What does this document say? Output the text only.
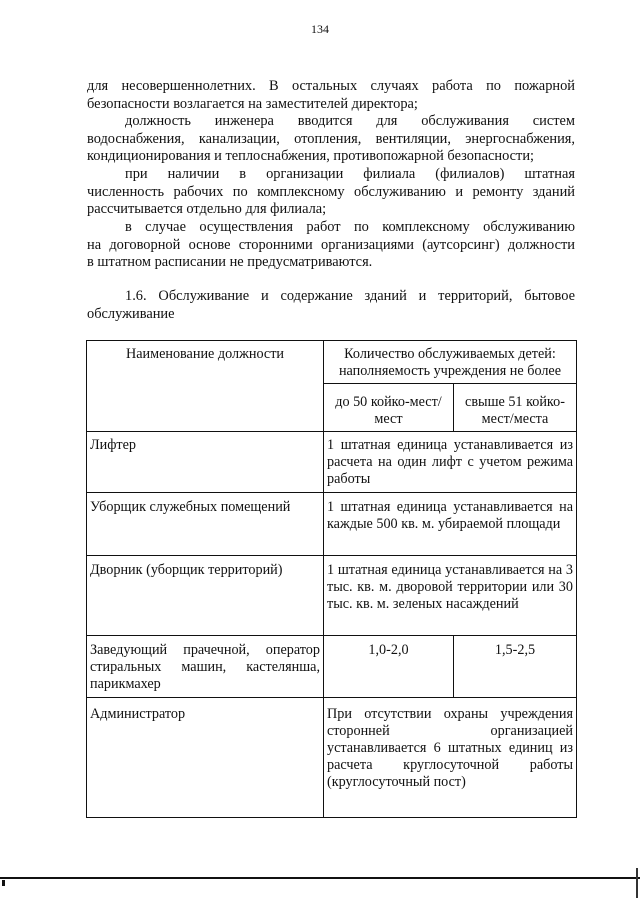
134
для несовершеннолетних. В остальных случаях работа по пожарной
безопасности возлагается на заместителей директора;
должность инженера вводится для обслуживания систем
водоснабжения, канализации, отопления, вентиляции, энергоснабжения,
кондиционирования и теплоснабжения, противопожарной безопасности;
при наличии в организации филиала (филиалов) штатная
численность рабочих по комплексному обслуживанию и ремонту зданий
рассчитывается отдельно для филиала;
в случае осуществления работ по комплексному обслуживанию
на договорной основе сторонними организациями (аутсорсинг) должности
в штатном расписании не предусматриваются.
1.6. Обслуживание и содержание зданий и территорий, бытовое
обслуживание
Наименование должности	Количество обслуживаемых детей: наполняемость учреждения не более	
	до 50 койко-мест/мест	свыше 51 койко-мест/места
Лифтер	1 штатная единица устанавливается из расчета на один лифт с учетом режима работы	
Уборщик служебных помещений	1 штатная единица устанавливается на каждые 500 кв. м. убираемой площади	
Дворник (уборщик территорий)	1 штатная единица устанавливается на 3 тыс. кв. м. дворовой территории или 30 тыс. кв. м. зеленых насаждений	
Заведующий прачечной, оператор стиральных машин, кастелянша, парикмахер	1,0-2,0	1,5-2,5
Администратор	При отсутствии охраны учреждения сторонней организацией устанавливается 6 штатных единиц из расчета круглосуточной работы (круглосуточный пост)	
